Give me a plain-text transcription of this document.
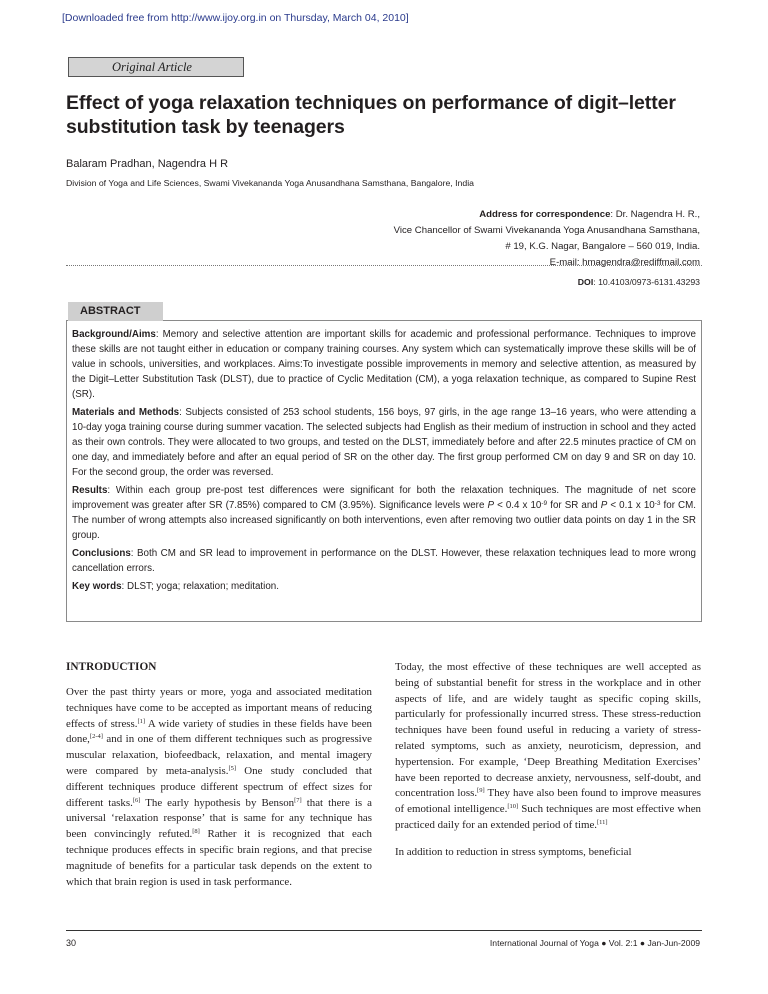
[Downloaded free from http://www.ijoy.org.in on Thursday, March 04, 2010]
Original Article
Effect of yoga relaxation techniques on performance of digit–letter substitution task by teenagers
Balaram Pradhan, Nagendra H R
Division of Yoga and Life Sciences, Swami Vivekananda Yoga Anusandhana Samsthana, Bangalore, India
Address for correspondence: Dr. Nagendra H. R.,
Vice Chancellor of Swami Vivekananda Yoga Anusandhana Samsthana,
# 19, K.G. Nagar, Bangalore – 560 019, India.
E-mail: hmagendra@rediffmail.com
DOI: 10.4103/0973-6131.43293
ABSTRACT

Background/Aims: Memory and selective attention are important skills for academic and professional performance. Techniques to improve these skills are not taught either in education or company training courses. Any system which can systematically improve these skills will be of value in schools, universities, and workplaces. Aims:To investigate possible improvements in memory and selective attention, as measured by the Digit–Letter Substitution Task (DLST), due to practice of Cyclic Meditation (CM), a yoga relaxation technique, as compared to Supine Rest (SR).

Materials and Methods: Subjects consisted of 253 school students, 156 boys, 97 girls, in the age range 13–16 years, who were attending a 10-day yoga training course during summer vacation. The selected subjects had English as their medium of instruction in school and they acted as their own controls. They were allocated to two groups, and tested on the DLST, immediately before and after 22.5 minutes practice of CM on one day, and immediately before and after an equal period of SR on the other day. The first group performed CM on day 9 and SR on day 10. For the second group, the order was reversed.

Results: Within each group pre-post test differences were significant for both the relaxation techniques. The magnitude of net score improvement was greater after SR (7.85%) compared to CM (3.95%). Significance levels were P < 0.4 x $10^{-9}$ for SR and P < 0.1 x $10^{-3}$ for CM. The number of wrong attempts also increased significantly on both interventions, even after removing two outlier data points on day 1 in the SR group.

Conclusions: Both CM and SR lead to improvement in performance on the DLST. However, these relaxation techniques lead to more wrong cancellation errors.

Key words: DLST; yoga; relaxation; meditation.

INTRODUCTION

Over the past thirty years or more, yoga and associated meditation techniques have come to be accepted as important means of reducing effects of stress.[1] A wide variety of studies in these fields have been done,[2-4] and in one of them different techniques such as progressive muscular relaxation, biofeedback, relaxation, and mental imagery were compared by meta-analysis.[5] One study concluded that different techniques produce different spectrum of effect sizes for different tasks.[6] The early hypothesis by Benson[7] that there is a universal ‘relaxation response’ that is same for any technique has been convincingly refuted.[8] Rather it is recognized that each technique produces effects in specific brain regions, and that precise magnitude of benefits for a particular task depends on the extent to which that brain region is used in task performance.

Today, the most effective of these techniques are well accepted as being of substantial benefit for stress in the workplace and in other aspects of life, and are widely taught as specific coping skills, particularly for professionally incurred stress. These stress-reduction techniques have been found useful in reducing a variety of stress-related symptoms, such as anxiety, neuroticism, depression, and hypertension. For example, ‘Deep Breathing Meditation Exercises’ have been reported to decrease anxiety, nervousness, self-doubt, and concentration loss.[9] They have also been found to improve measures of emotional intelligence.[10] Such techniques are most effective when practiced daily for an extended period of time.[11]

In addition to reduction in stress symptoms, beneficial

30	International Journal of Yoga ● Vol. 2:1 ● Jan-Jun-2009
